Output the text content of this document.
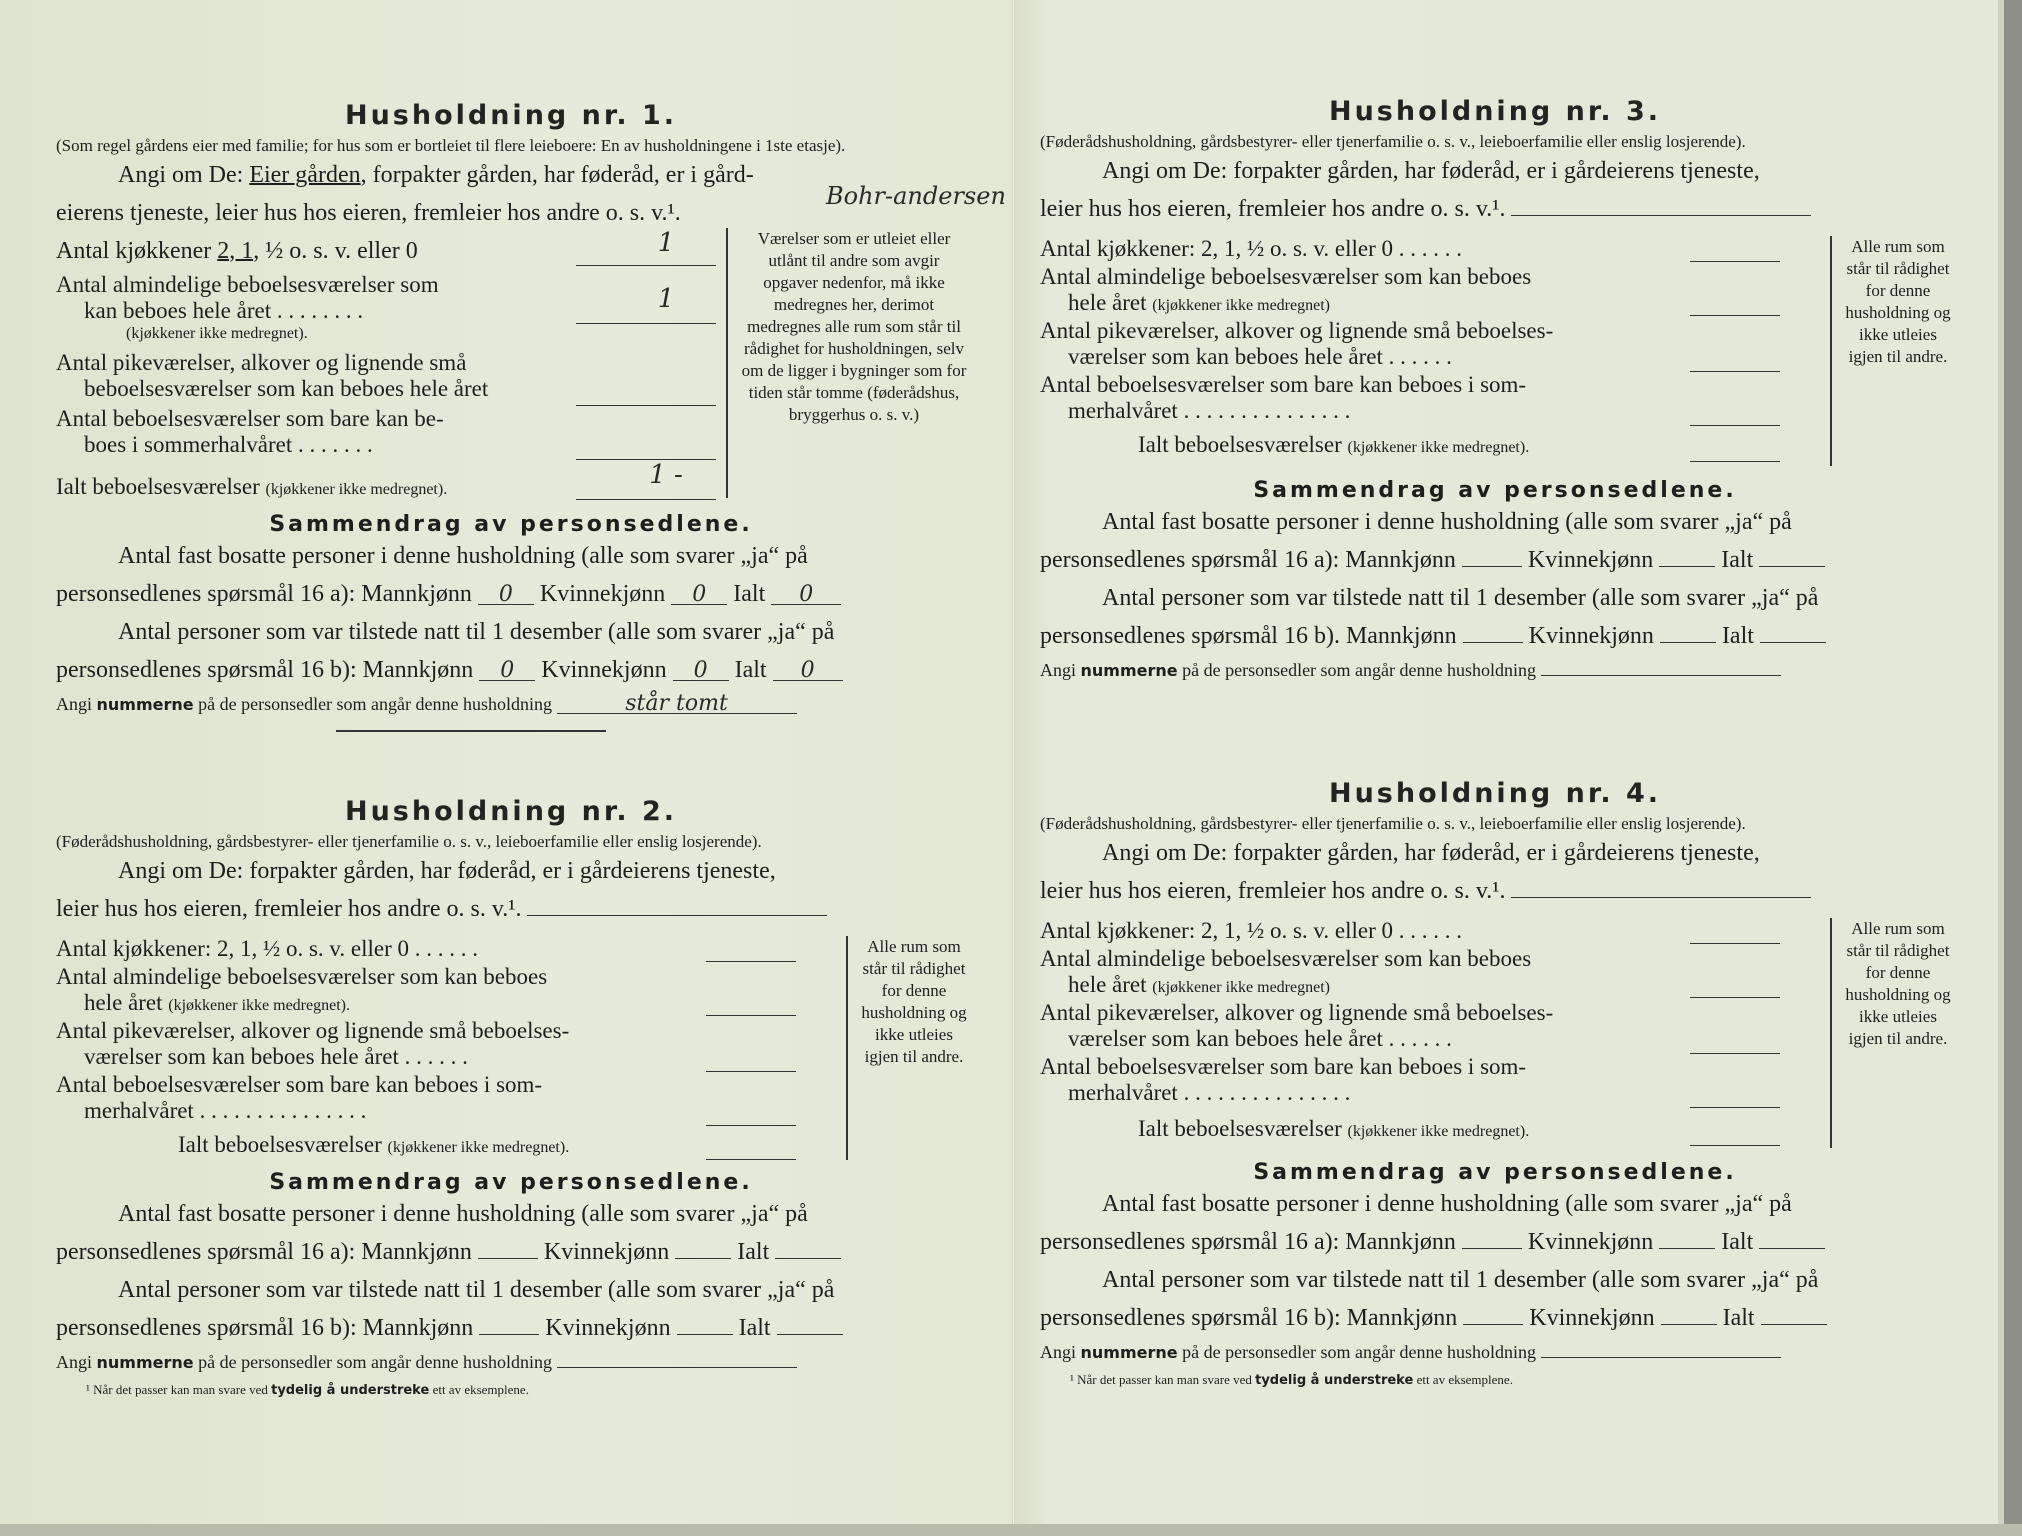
Husholdning nr. 1.

(Som regel gårdens eier med familie; for hus som er bortleiet til flere leieboere: En av husholdningene i 1ste etasje).

Angi om De: Eier gården, forpakter gården, har føderåd, er i gård-
eierens tjeneste, leier hus hos eieren, fremleier hos andre o. s. v.¹.
Bohr-andersen
Antal kjøkkener 2, 1, ½ o. s. v. eller 0	1
Antal almindelige beboelsesværelser som
kan beboes hele året . . . . . . . .
(kjøkkener ikke medregnet).
1
Antal pikeværelser, alkover og lignende små
beboelsesværelser som kan beboes hele året
Antal beboelsesværelser som bare kan be-
boes i sommerhalvåret . . . . . . .
Ialt beboelsesværelser (kjøkkener ikke medregnet).	1 -
Værelser som er utleiet eller utlånt til andre som avgir opgaver nedenfor, må ikke medregnes her, derimot medregnes alle rum som står til rådighet for husholdningen, selv om de ligger i bygninger som for tiden står tomme (føderådshus, bryggerhus o. s. v.)
Sammendrag av personsedlene.
Antal fast bosatte personer i denne husholdning (alle som svarer „ja“ på
personsedlenes spørsmål 16 a): Mannkjønn 0 Kvinnekjønn 0 Ialt 0
Antal personer som var tilstede natt til 1 desember (alle som svarer „ja“ på
personsedlenes spørsmål 16 b): Mannkjønn 0 Kvinnekjønn 0 Ialt 0
Angi nummerne på de personsedler som angår denne husholdning	står tomt
Husholdning nr. 2.

(Føderådshusholdning, gårdsbestyrer- eller tjenerfamilie o. s. v., leieboerfamilie eller enslig losjerende).

Angi om De: forpakter gården, har føderåd, er i gårdeierens tjeneste,
leier hus hos eieren, fremleier hos andre o. s. v.¹.
Antal kjøkkener: 2, 1, ½ o. s. v. eller 0 . . . . . .
Antal almindelige beboelsesværelser som kan beboes
hele året (kjøkkener ikke medregnet).
Antal pikeværelser, alkover og lignende små beboelses-
værelser som kan beboes hele året . . . . . .
Antal beboelsesværelser som bare kan beboes i som-
merhalvåret . . . . . . . . . . . . . . .
Ialt beboelsesværelser (kjøkkener ikke medregnet).
Alle rum som står til rådighet for denne husholdning og ikke utleies igjen til andre.
Sammendrag av personsedlene.
Antal fast bosatte personer i denne husholdning (alle som svarer „ja“ på
personsedlenes spørsmål 16 a): Mannkjønn	Kvinnekjønn	Ialt
Antal personer som var tilstede natt til 1 desember (alle som svarer „ja“ på
personsedlenes spørsmål 16 b): Mannkjønn	Kvinnekjønn	Ialt
Angi nummerne på de personsedler som angår denne husholdning
¹ Når det passer kan man svare ved tydelig å understreke ett av eksemplene.
Husholdning nr. 3.

(Føderådshusholdning, gårdsbestyrer- eller tjenerfamilie o. s. v., leieboerfamilie eller enslig losjerende).

Angi om De: forpakter gården, har føderåd, er i gårdeierens tjeneste,
leier hus hos eieren, fremleier hos andre o. s. v.¹.
Antal kjøkkener: 2, 1, ½ o. s. v. eller 0 . . . . . .
Antal almindelige beboelsesværelser som kan beboes
hele året (kjøkkener ikke medregnet)
Antal pikeværelser, alkover og lignende små beboelses-
værelser som kan beboes hele året . . . . . .
Antal beboelsesværelser som bare kan beboes i som-
merhalvåret . . . . . . . . . . . . . . .
Ialt beboelsesværelser (kjøkkener ikke medregnet).
Alle rum som står til rådighet for denne husholdning og ikke utleies igjen til andre.
Sammendrag av personsedlene.
Antal fast bosatte personer i denne husholdning (alle som svarer „ja“ på
personsedlenes spørsmål 16 a): Mannkjønn	Kvinnekjønn	Ialt
Antal personer som var tilstede natt til 1 desember (alle som svarer „ja“ på
personsedlenes spørsmål 16 b). Mannkjønn	Kvinnekjønn	Ialt
Angi nummerne på de personsedler som angår denne husholdning
Husholdning nr. 4.

(Føderådshusholdning, gårdsbestyrer- eller tjenerfamilie o. s. v., leieboerfamilie eller enslig losjerende).

Angi om De: forpakter gården, har føderåd, er i gårdeierens tjeneste,
leier hus hos eieren, fremleier hos andre o. s. v.¹.
Antal kjøkkener: 2, 1, ½ o. s. v. eller 0 . . . . . .
Antal almindelige beboelsesværelser som kan beboes
hele året (kjøkkener ikke medregnet)
Antal pikeværelser, alkover og lignende små beboelses-
værelser som kan beboes hele året . . . . . .
Antal beboelsesværelser som bare kan beboes i som-
merhalvåret . . . . . . . . . . . . . . .
Ialt beboelsesværelser (kjøkkener ikke medregnet).
Alle rum som står til rådighet for denne husholdning og ikke utleies igjen til andre.
Sammendrag av personsedlene.
Antal fast bosatte personer i denne husholdning (alle som svarer „ja“ på
personsedlenes spørsmål 16 a): Mannkjønn	Kvinnekjønn	Ialt
Antal personer som var tilstede natt til 1 desember (alle som svarer „ja“ på
personsedlenes spørsmål 16 b): Mannkjønn	Kvinnekjønn	Ialt
Angi nummerne på de personsedler som angår denne husholdning
¹ Når det passer kan man svare ved tydelig å understreke ett av eksemplene.
